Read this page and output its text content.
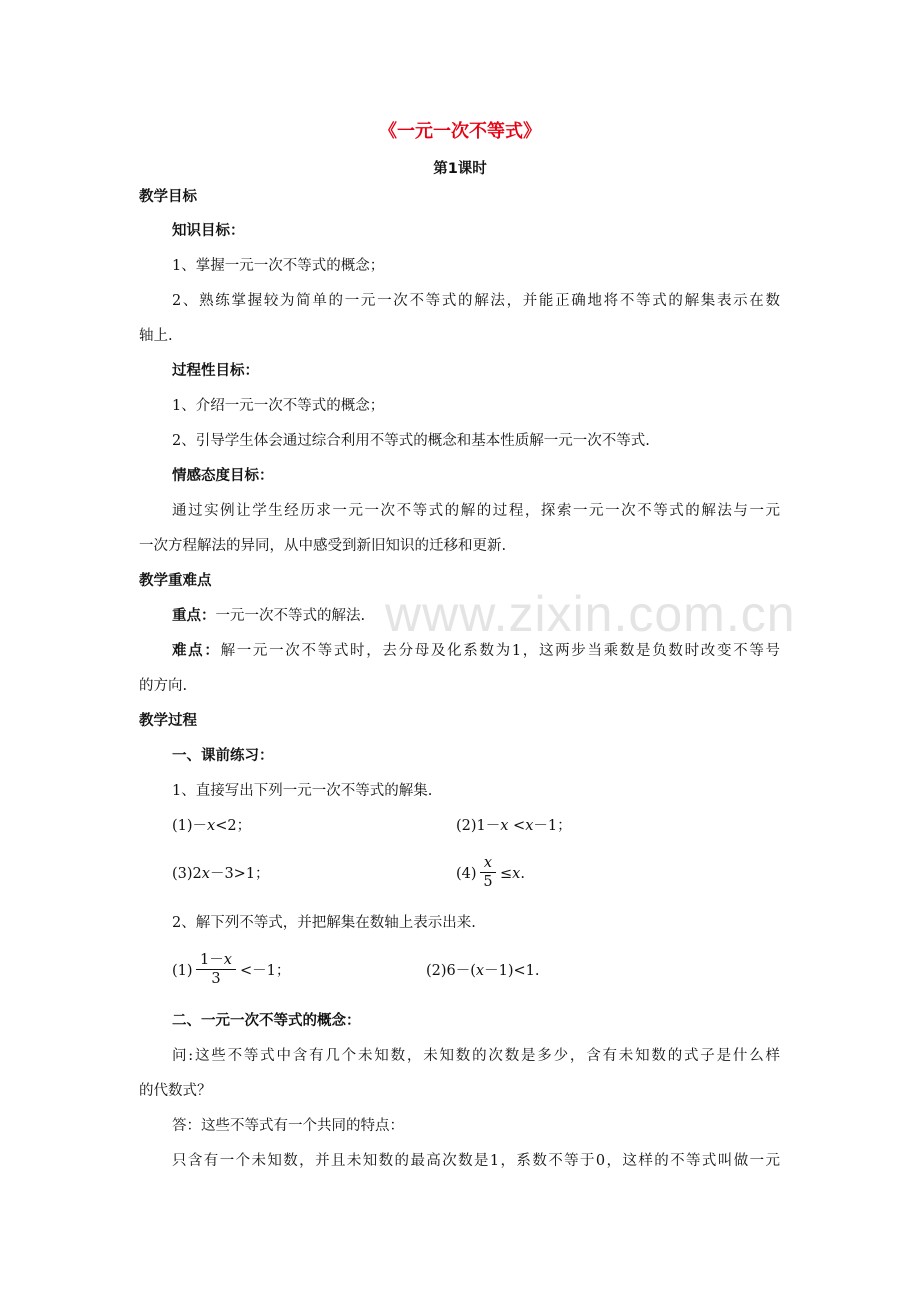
www.zixin.com.cn
《一元一次不等式》
第1课时
教学目标
知识目标：
1、掌握一元一次不等式的概念；
2、熟练掌握较为简单的一元一次不等式的解法，并能正确地将不等式的解集表示在数
轴上.
过程性目标：
1、介绍一元一次不等式的概念；
2、引导学生体会通过综合利用不等式的概念和基本性质解一元一次不等式.
情感态度目标：
通过实例让学生经历求一元一次不等式的解的过程，探索一元一次不等式的解法与一元
一次方程解法的异同，从中感受到新旧知识的迁移和更新.
教学重难点
重点：一元一次不等式的解法.
难点：解一元一次不等式时，去分母及化系数为1，这两步当乘数是负数时改变不等号
的方向.
教学过程
一、课前练习：
1、直接写出下列一元一次不等式的解集.
(1)－x<2；	(2)1－x <x－1；
(3)2x－3>1；	$(4) \frac{x}{5} \le x$.
2、解下列不等式，并把解集在数轴上表示出来.
$(1) \frac{1-x}{3} <-1$；	(2)6－(x－1)<1.
二、一元一次不等式的概念：
问:这些不等式中含有几个未知数，未知数的次数是多少，含有未知数的式子是什么样
的代数式？
答：这些不等式有一个共同的特点：
只含有一个未知数，并且未知数的最高次数是1，系数不等于0，这样的不等式叫做一元
